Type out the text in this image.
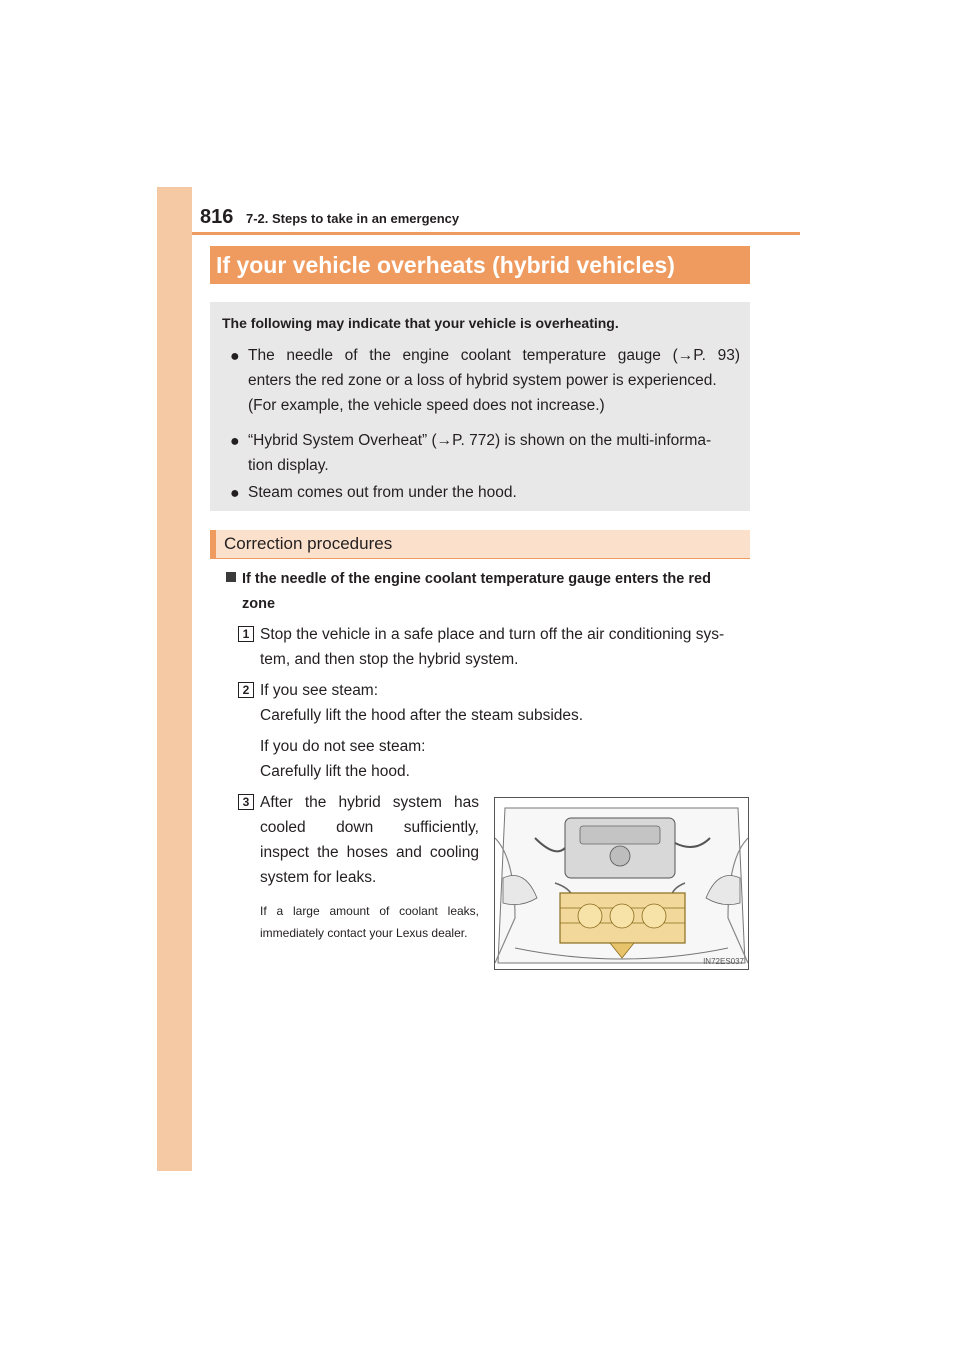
816 7-2. Steps to take in an emergency
If your vehicle overheats (hybrid vehicles)
The following may indicate that your vehicle is overheating.
● The needle of the engine coolant temperature gauge (→P. 93)
enters the red zone or a loss of hybrid system power is experienced.
(For example, the vehicle speed does not increase.)
● “Hybrid System Overheat” (→P. 772) is shown on the multi-informa-
tion display.
● Steam comes out from under the hood.
Correction procedures
If the needle of the engine coolant temperature gauge enters the red
zone
1 Stop the vehicle in a safe place and turn off the air conditioning sys-
tem, and then stop the hybrid system.
2 If you see steam:
Carefully lift the hood after the steam subsides.
If you do not see steam:
Carefully lift the hood.
3 After the hybrid system has
cooled down sufficiently,
inspect the hoses and cooling
system for leaks.
If a large amount of coolant leaks, immediately contact your Lexus dealer.
IN72ES037
